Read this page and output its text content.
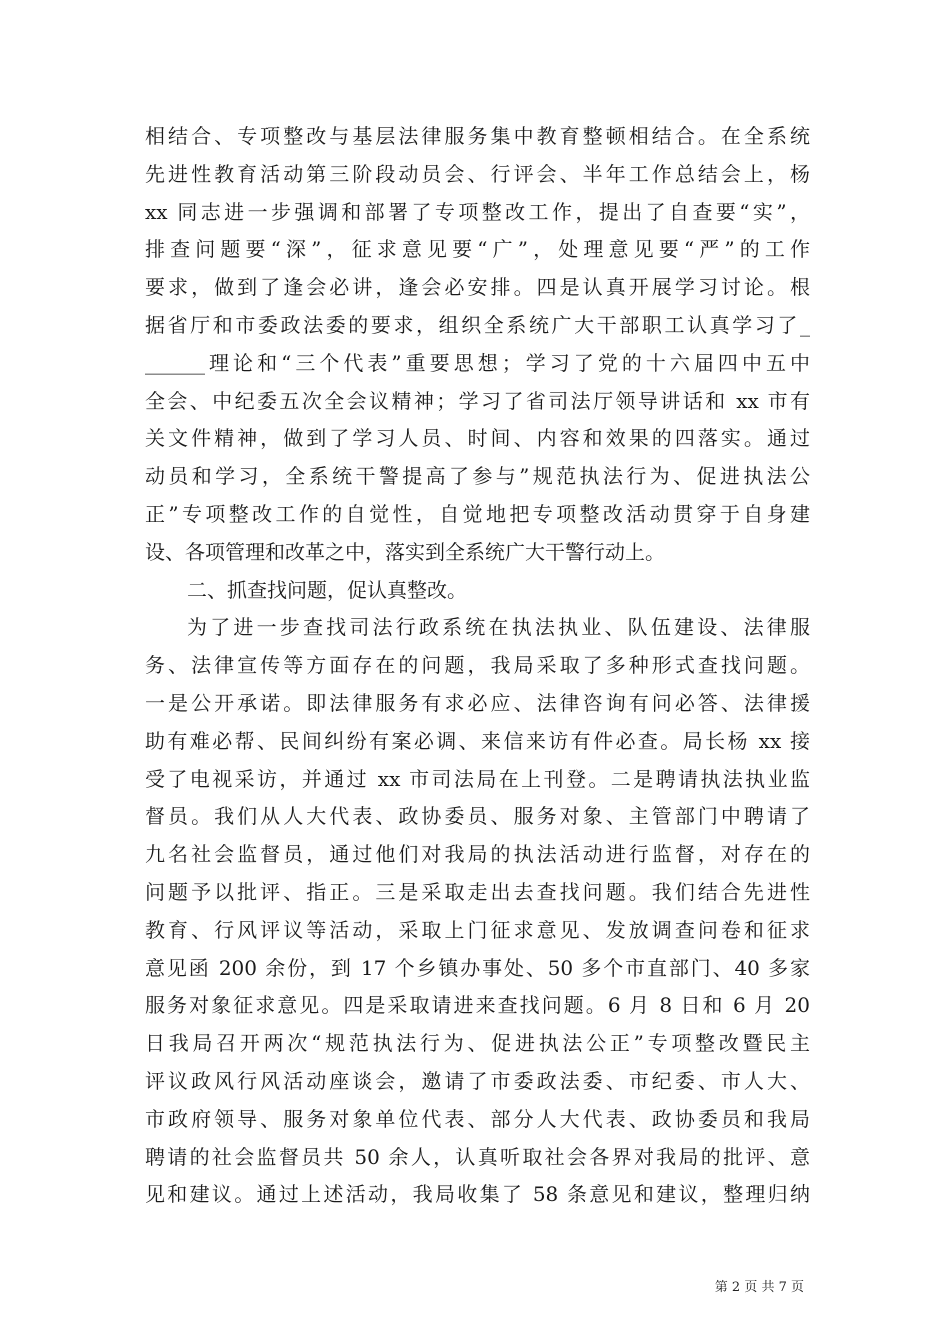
相结合、专项整改与基层法律服务集中教育整顿相结合。在全系统
先进性教育活动第三阶段动员会、行评会、半年工作总结会上，杨
xx 同志进一步强调和部署了专项整改工作，提出了自查要“实”，
排查问题要“深”，征求意见要“广”，处理意见要“严”的工作
要求，做到了逢会必讲，逢会必安排。四是认真开展学习讨论。根
据省厅和市委政法委的要求，组织全系统广大干部职工认真学习了_
______理论和“三个代表”重要思想；学习了党的十六届四中五中
全会、中纪委五次全会议精神；学习了省司法厅领导讲话和 xx 市有
关文件精神，做到了学习人员、时间、内容和效果的四落实。通过
动员和学习，全系统干警提高了参与”规范执法行为、促进执法公
正”专项整改工作的自觉性，自觉地把专项整改活动贯穿于自身建
设、各项管理和改革之中，落实到全系统广大干警行动上。
二、抓查找问题，促认真整改。
为了进一步查找司法行政系统在执法执业、队伍建设、法律服
务、法律宣传等方面存在的问题，我局采取了多种形式查找问题。
一是公开承诺。即法律服务有求必应、法律咨询有问必答、法律援
助有难必帮、民间纠纷有案必调、来信来访有件必查。局长杨 xx 接
受了电视采访，并通过 xx 市司法局在上刊登。二是聘请执法执业监
督员。我们从人大代表、政协委员、服务对象、主管部门中聘请了
九名社会监督员，通过他们对我局的执法活动进行监督，对存在的
问题予以批评、指正。三是采取走出去查找问题。我们结合先进性
教育、行风评议等活动，采取上门征求意见、发放调查问卷和征求
意见函 200 余份，到 17 个乡镇办事处、50 多个市直部门、40 多家
服务对象征求意见。四是采取请进来查找问题。6 月 8 日和 6 月 20
日我局召开两次“规范执法行为、促进执法公正”专项整改暨民主
评议政风行风活动座谈会，邀请了市委政法委、市纪委、市人大、
市政府领导、服务对象单位代表、部分人大代表、政协委员和我局
聘请的社会监督员共 50 余人，认真听取社会各界对我局的批评、意
见和建议。通过上述活动，我局收集了 58 条意见和建议，整理归纳
第 2 页 共 7 页
